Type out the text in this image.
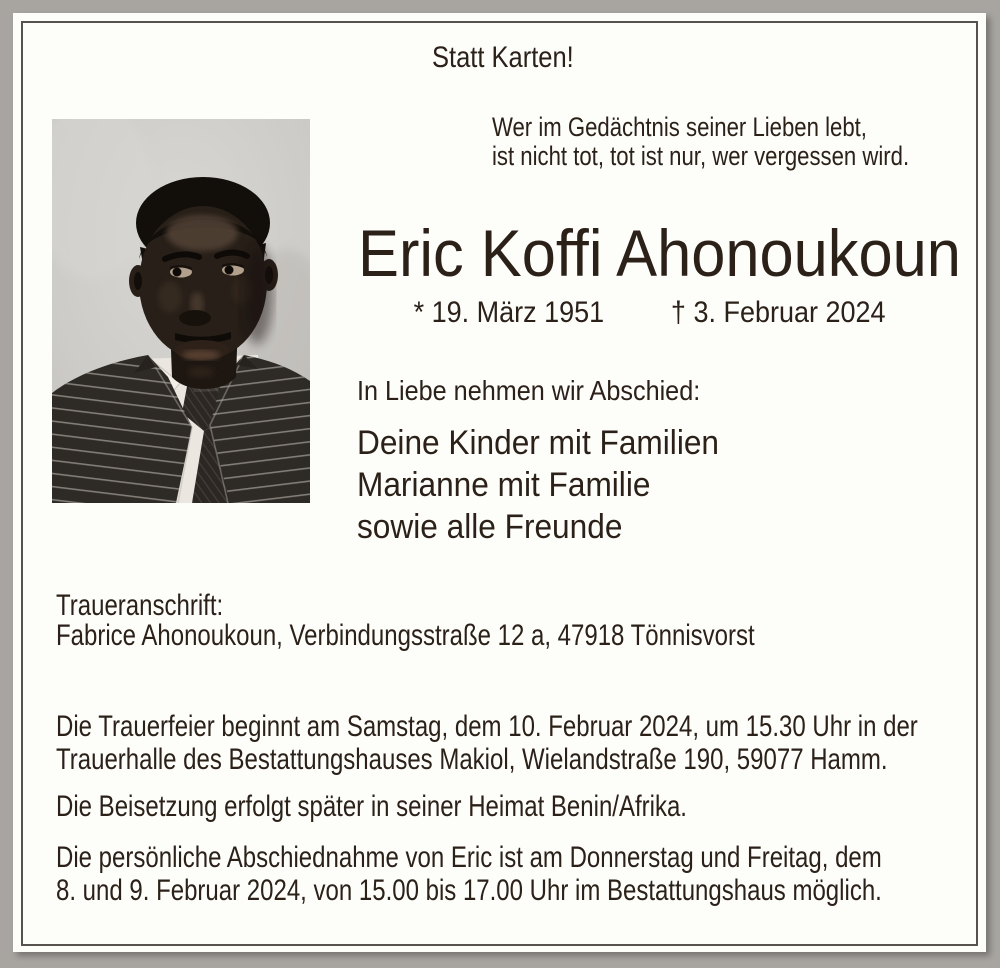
Statt Karten!
Wer im Gedächtnis seiner Lieben lebt,
ist nicht tot, tot ist nur, wer vergessen wird.
Eric Koffi Ahonoukoun
* 19. März 1951 † 3. Februar 2024
In Liebe nehmen wir Abschied:
Deine Kinder mit Familien
Marianne mit Familie
sowie alle Freunde
Traueranschrift:
Fabrice Ahonoukoun, Verbindungsstraße 12 a, 47918 Tönnisvorst
Die Trauerfeier beginnt am Samstag, dem 10. Februar 2024, um 15.30 Uhr in der
Trauerhalle des Bestattungshauses Makiol, Wielandstraße 190, 59077 Hamm.
Die Beisetzung erfolgt später in seiner Heimat Benin/Afrika.
Die persönliche Abschiednahme von Eric ist am Donnerstag und Freitag, dem
8. und 9. Februar 2024, von 15.00 bis 17.00 Uhr im Bestattungshaus möglich.
